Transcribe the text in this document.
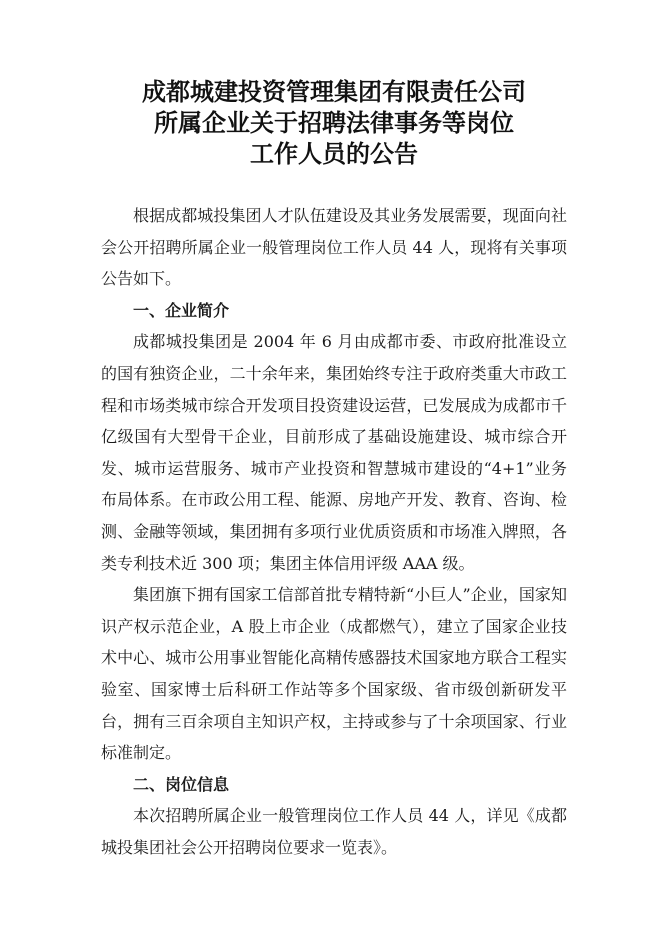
成都城建投资管理集团有限责任公司
所属企业关于招聘法律事务等岗位
工作人员的公告

根据成都城投集团人才队伍建设及其业务发展需要，现面向社会公开招聘所属企业一般管理岗位工作人员 44 人，现将有关事项公告如下。

一、企业简介

成都城投集团是 2004 年 6 月由成都市委、市政府批准设立的国有独资企业，二十余年来，集团始终专注于政府类重大市政工程和市场类城市综合开发项目投资建设运营，已发展成为成都市千亿级国有大型骨干企业，目前形成了基础设施建设、城市综合开发、城市运营服务、城市产业投资和智慧城市建设的“4+1”业务布局体系。在市政公用工程、能源、房地产开发、教育、咨询、检测、金融等领域，集团拥有多项行业优质资质和市场准入牌照，各类专利技术近 300 项；集团主体信用评级 AAA 级。

集团旗下拥有国家工信部首批专精特新“小巨人”企业，国家知识产权示范企业，A 股上市企业（成都燃气），建立了国家企业技术中心、城市公用事业智能化高精传感器技术国家地方联合工程实验室、国家博士后科研工作站等多个国家级、省市级创新研发平台，拥有三百余项自主知识产权，主持或参与了十余项国家、行业标准制定。

二、岗位信息

本次招聘所属企业一般管理岗位工作人员 44 人，详见《成都城投集团社会公开招聘岗位要求一览表》。
